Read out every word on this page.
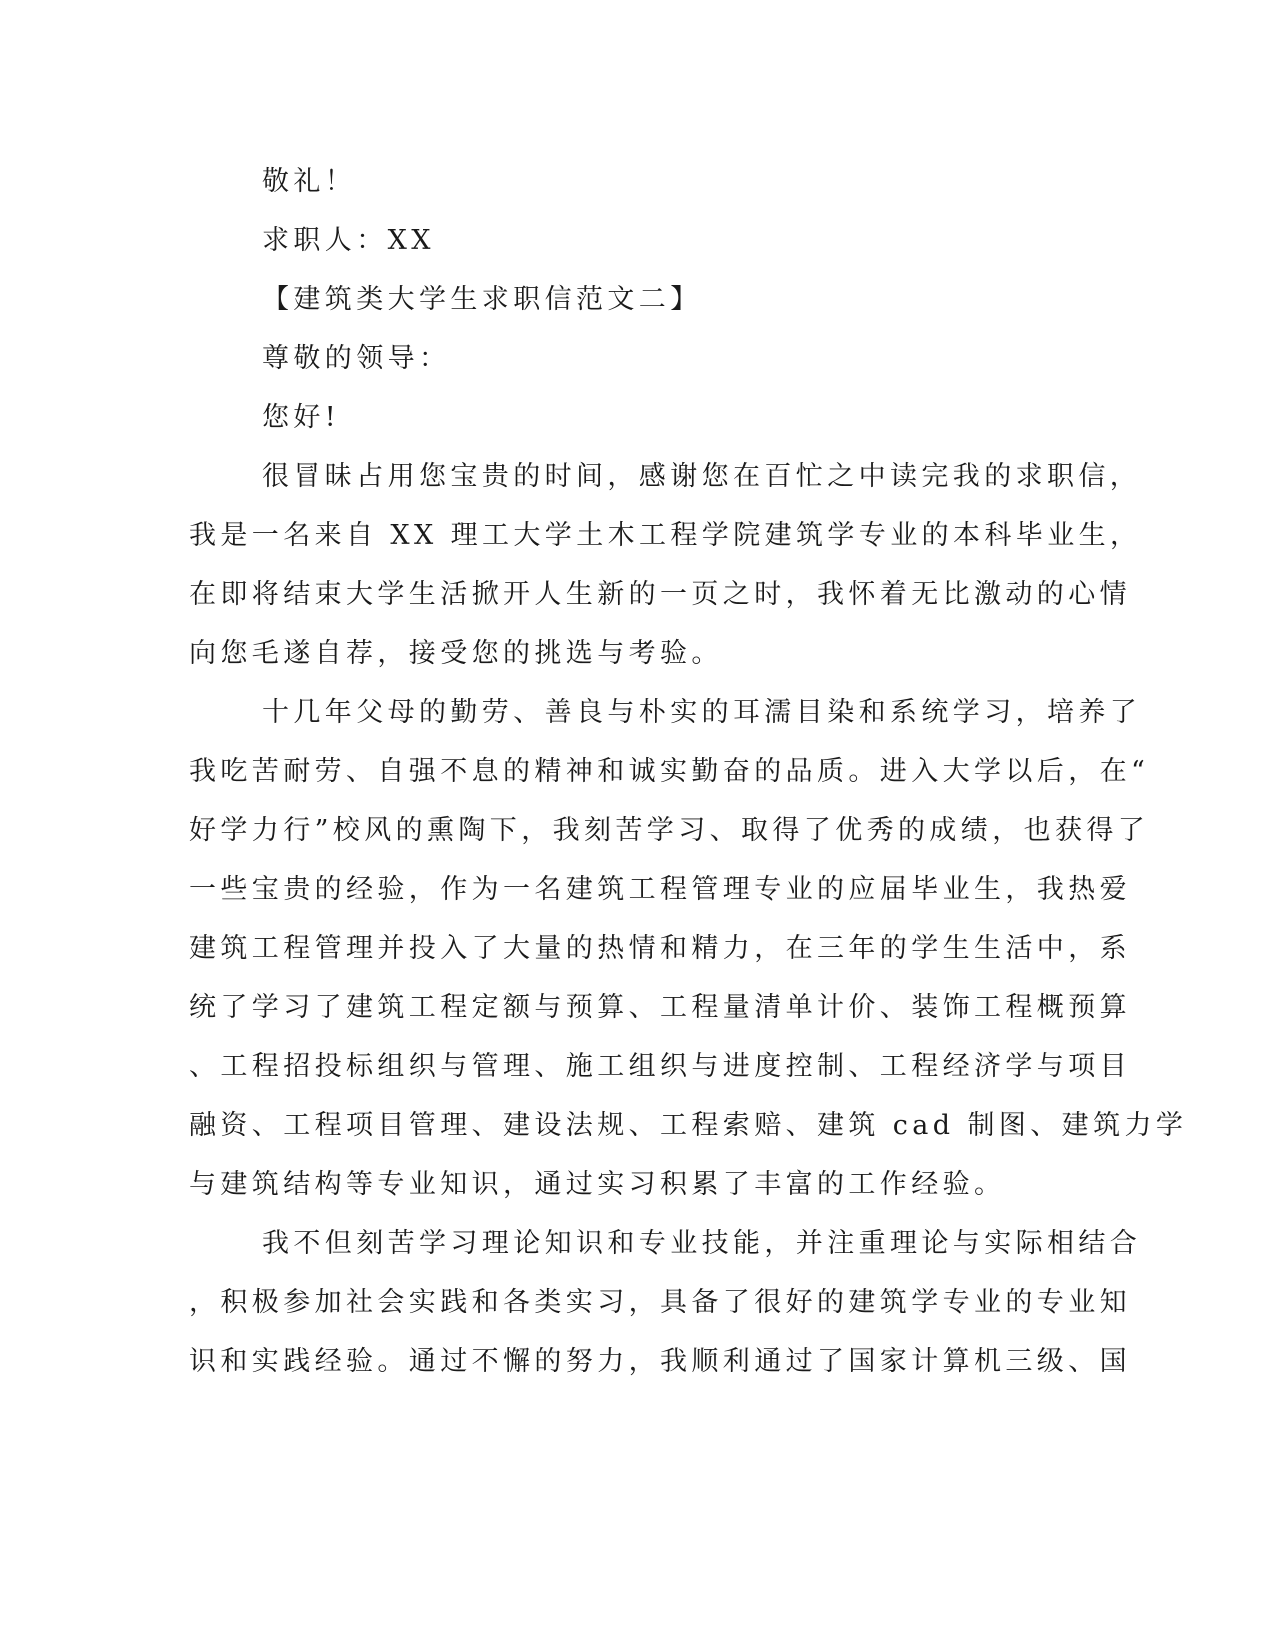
敬礼！
求职人：XX
【建筑类大学生求职信范文二】
尊敬的领导：
您好!
很冒昧占用您宝贵的时间，感谢您在百忙之中读完我的求职信，
我是一名来自 XX 理工大学土木工程学院建筑学专业的本科毕业生，
在即将结束大学生活掀开人生新的一页之时，我怀着无比激动的心情
向您毛遂自荐，接受您的挑选与考验。
十几年父母的勤劳、善良与朴实的耳濡目染和系统学习，培养了
我吃苦耐劳、自强不息的精神和诚实勤奋的品质。进入大学以后，在“
好学力行”校风的熏陶下，我刻苦学习、取得了优秀的成绩，也获得了
一些宝贵的经验，作为一名建筑工程管理专业的应届毕业生，我热爱
建筑工程管理并投入了大量的热情和精力，在三年的学生生活中，系
统了学习了建筑工程定额与预算、工程量清单计价、装饰工程概预算
、工程招投标组织与管理、施工组织与进度控制、工程经济学与项目
融资、工程项目管理、建设法规、工程索赔、建筑 cad 制图、建筑力学
与建筑结构等专业知识，通过实习积累了丰富的工作经验。
我不但刻苦学习理论知识和专业技能，并注重理论与实际相结合
，积极参加社会实践和各类实习，具备了很好的建筑学专业的专业知
识和实践经验。通过不懈的努力，我顺利通过了国家计算机三级、国
